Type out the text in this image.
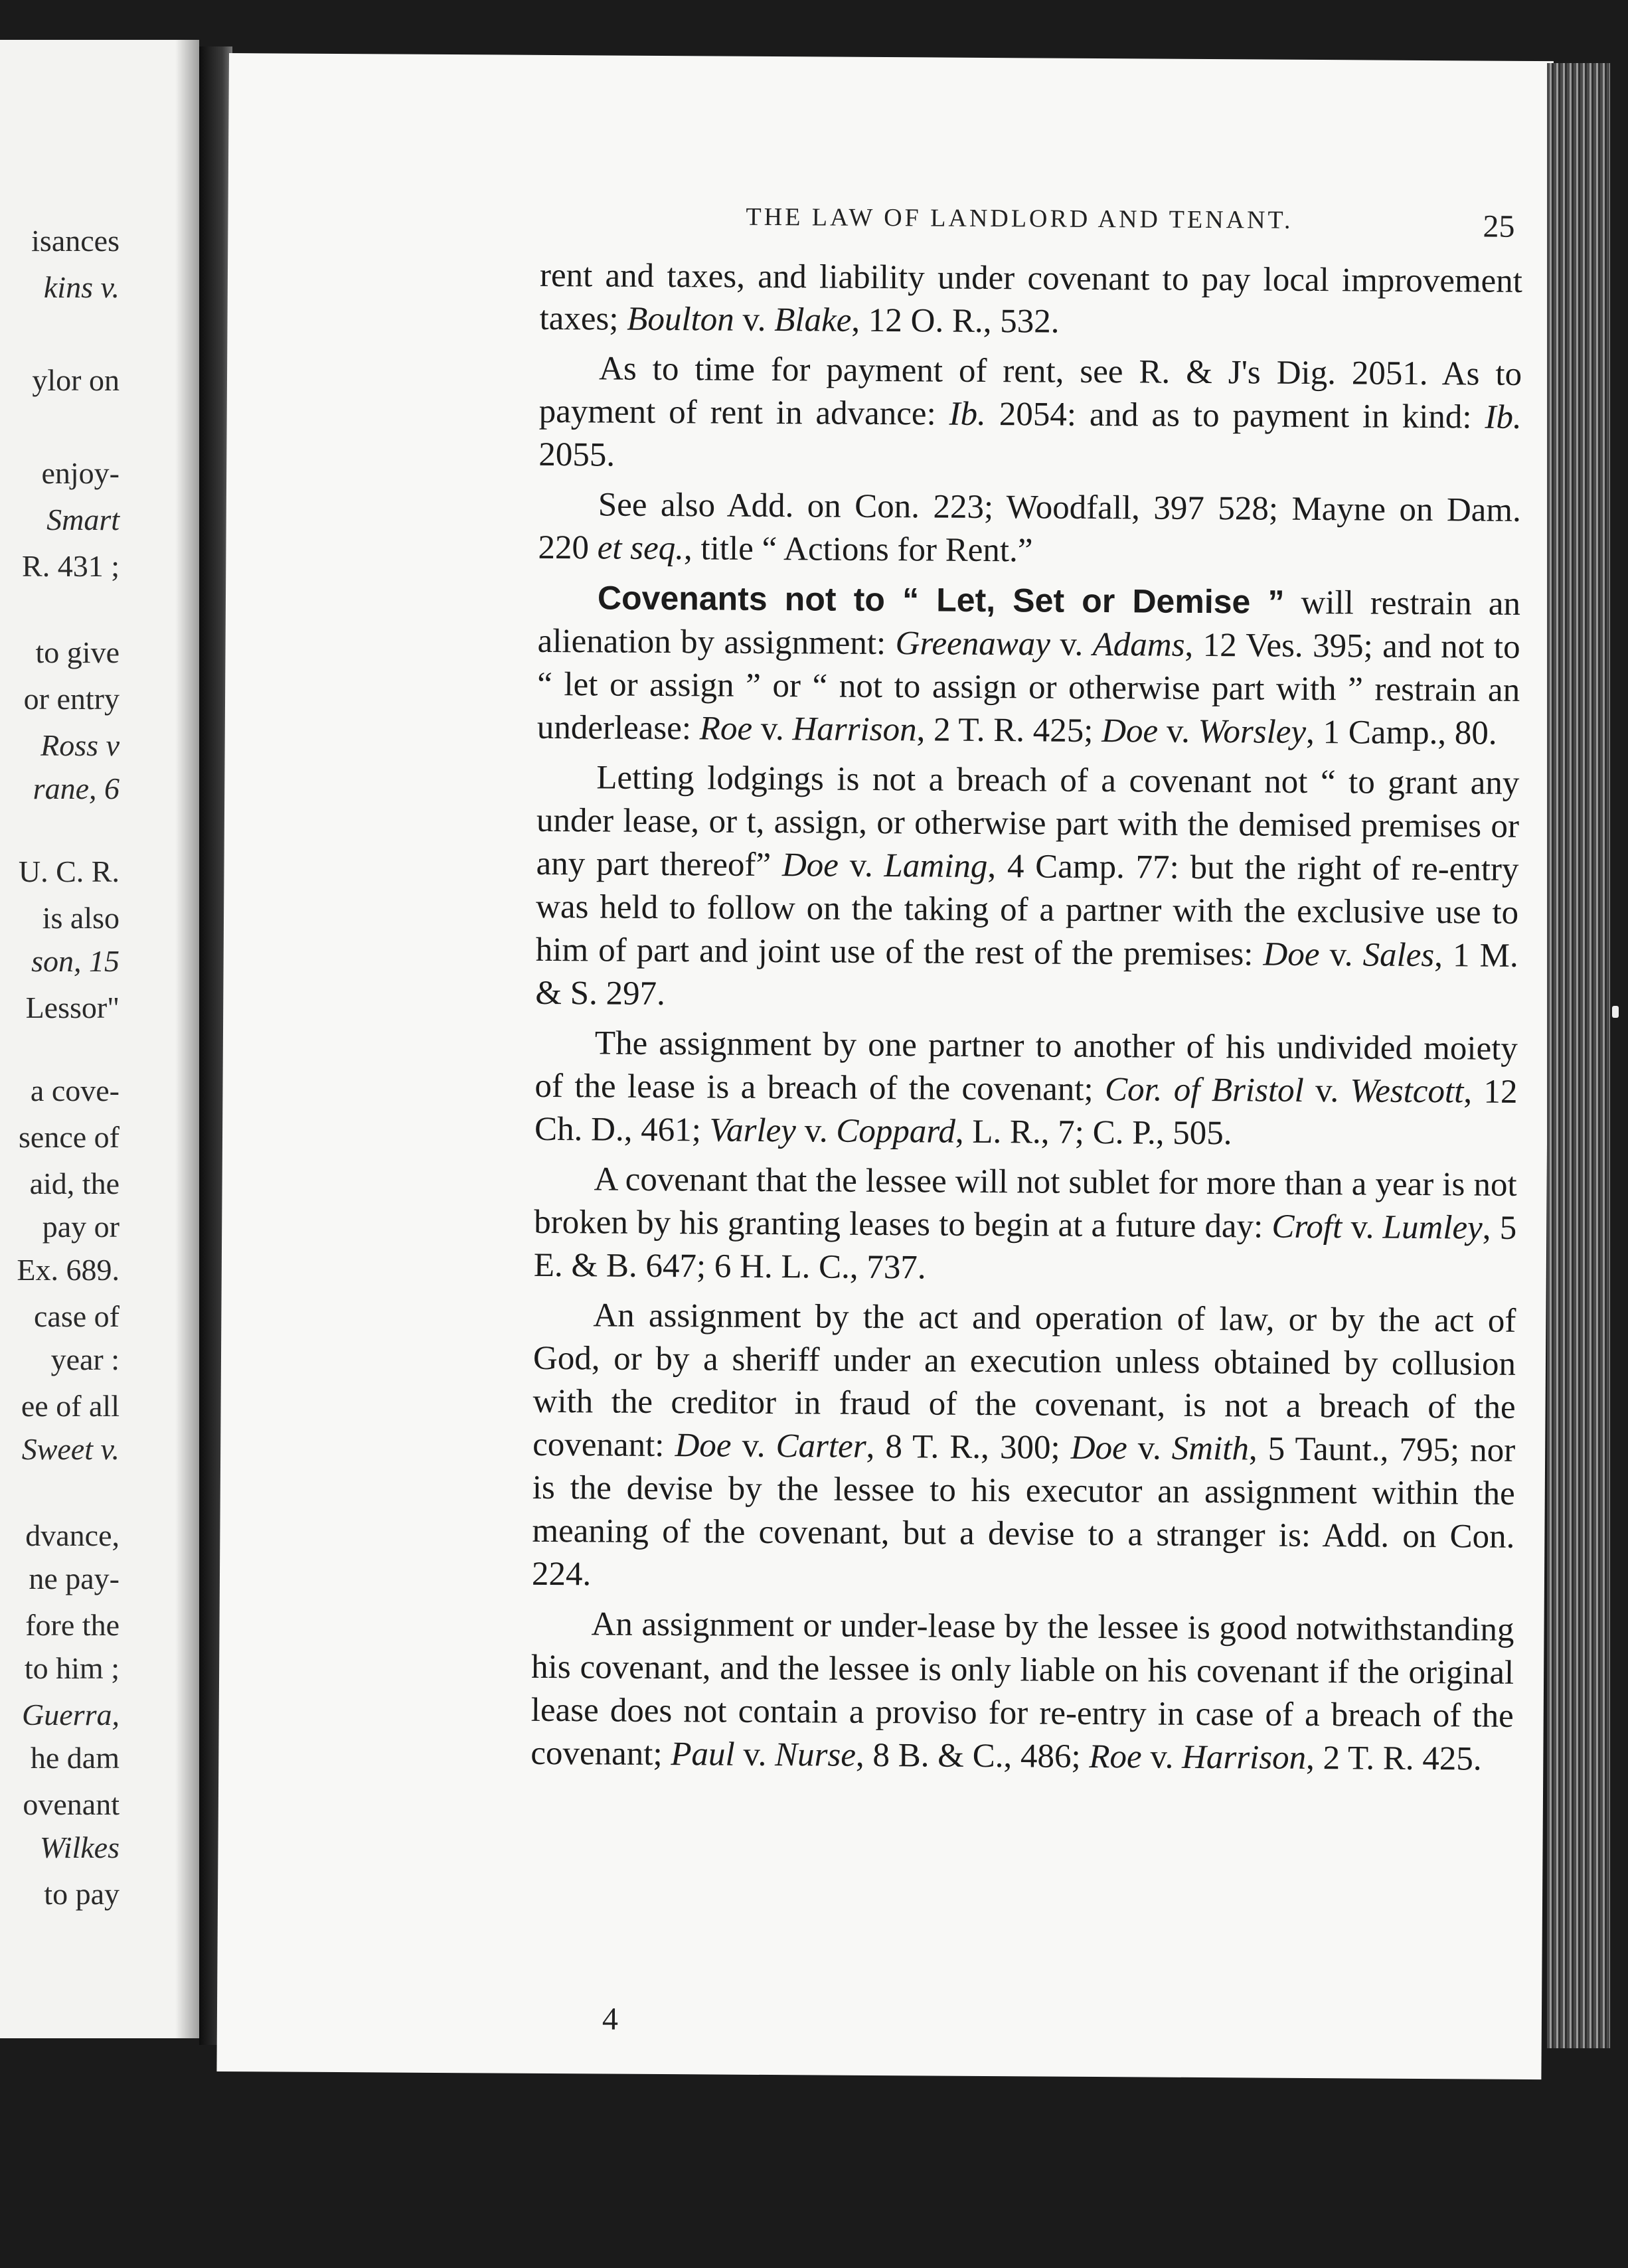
isances
kins v.
ylor on
enjoy-
Smart
R. 431 ;
to give
or entry
Ross v
rane, 6
U. C. R.
is also
son, 15
Lessor"
a cove-
sence of
aid, the
pay or
Ex. 689.
case of
year :
ee of all
Sweet v.
dvance,
ne pay-
fore the
to him ;
Guerra,
he dam
ovenant
Wilkes
to pay
THE LAW OF LANDLORD AND TENANT.	25

rent and taxes, and liability under covenant to pay local improvement taxes; Boulton v. Blake, 12 O. R., 532.

As to time for payment of rent, see R. & J's Dig. 2051. As to payment of rent in advance: Ib. 2054: and as to payment in kind: Ib. 2055.

See also Add. on Con. 223; Woodfall, 397 528; Mayne on Dam. 220 et seq., title “ Actions for Rent.”

Covenants not to “ Let, Set or Demise ” will restrain an alienation by assignment: Greenaway v. Adams, 12 Ves. 395; and not to “ let or assign ” or “ not to assign or otherwise part with ” restrain an underlease: Roe v. Harrison, 2 T. R. 425; Doe v. Worsley, 1 Camp., 80.

Letting lodgings is not a breach of a covenant not “ to grant any under lease, or t, assign, or otherwise part with the demised premises or any part thereof” Doe v. Laming, 4 Camp. 77: but the right of re-entry was held to follow on the taking of a partner with the exclusive use to him of part and joint use of the rest of the premises: Doe v. Sales, 1 M. & S. 297.

The assignment by one partner to another of his undivided moiety of the lease is a breach of the covenant; Cor. of Bristol v. Westcott, 12 Ch. D., 461; Varley v. Coppard, L. R., 7; C. P., 505.

A covenant that the lessee will not sublet for more than a year is not broken by his granting leases to begin at a future day: Croft v. Lumley, 5 E. & B. 647; 6 H. L. C., 737.

An assignment by the act and operation of law, or by the act of God, or by a sheriff under an execution unless obtained by collusion with the creditor in fraud of the covenant, is not a breach of the covenant: Doe v. Carter, 8 T. R., 300; Doe v. Smith, 5 Taunt., 795; nor is the devise by the lessee to his executor an assignment within the meaning of the covenant, but a devise to a stranger is: Add. on Con. 224.

An assignment or under-lease by the lessee is good notwithstanding his covenant, and the lessee is only liable on his covenant if the original lease does not contain a proviso for re-entry in case of a breach of the covenant; Paul v. Nurse, 8 B. & C., 486; Roe v. Harrison, 2 T. R. 425.

4
